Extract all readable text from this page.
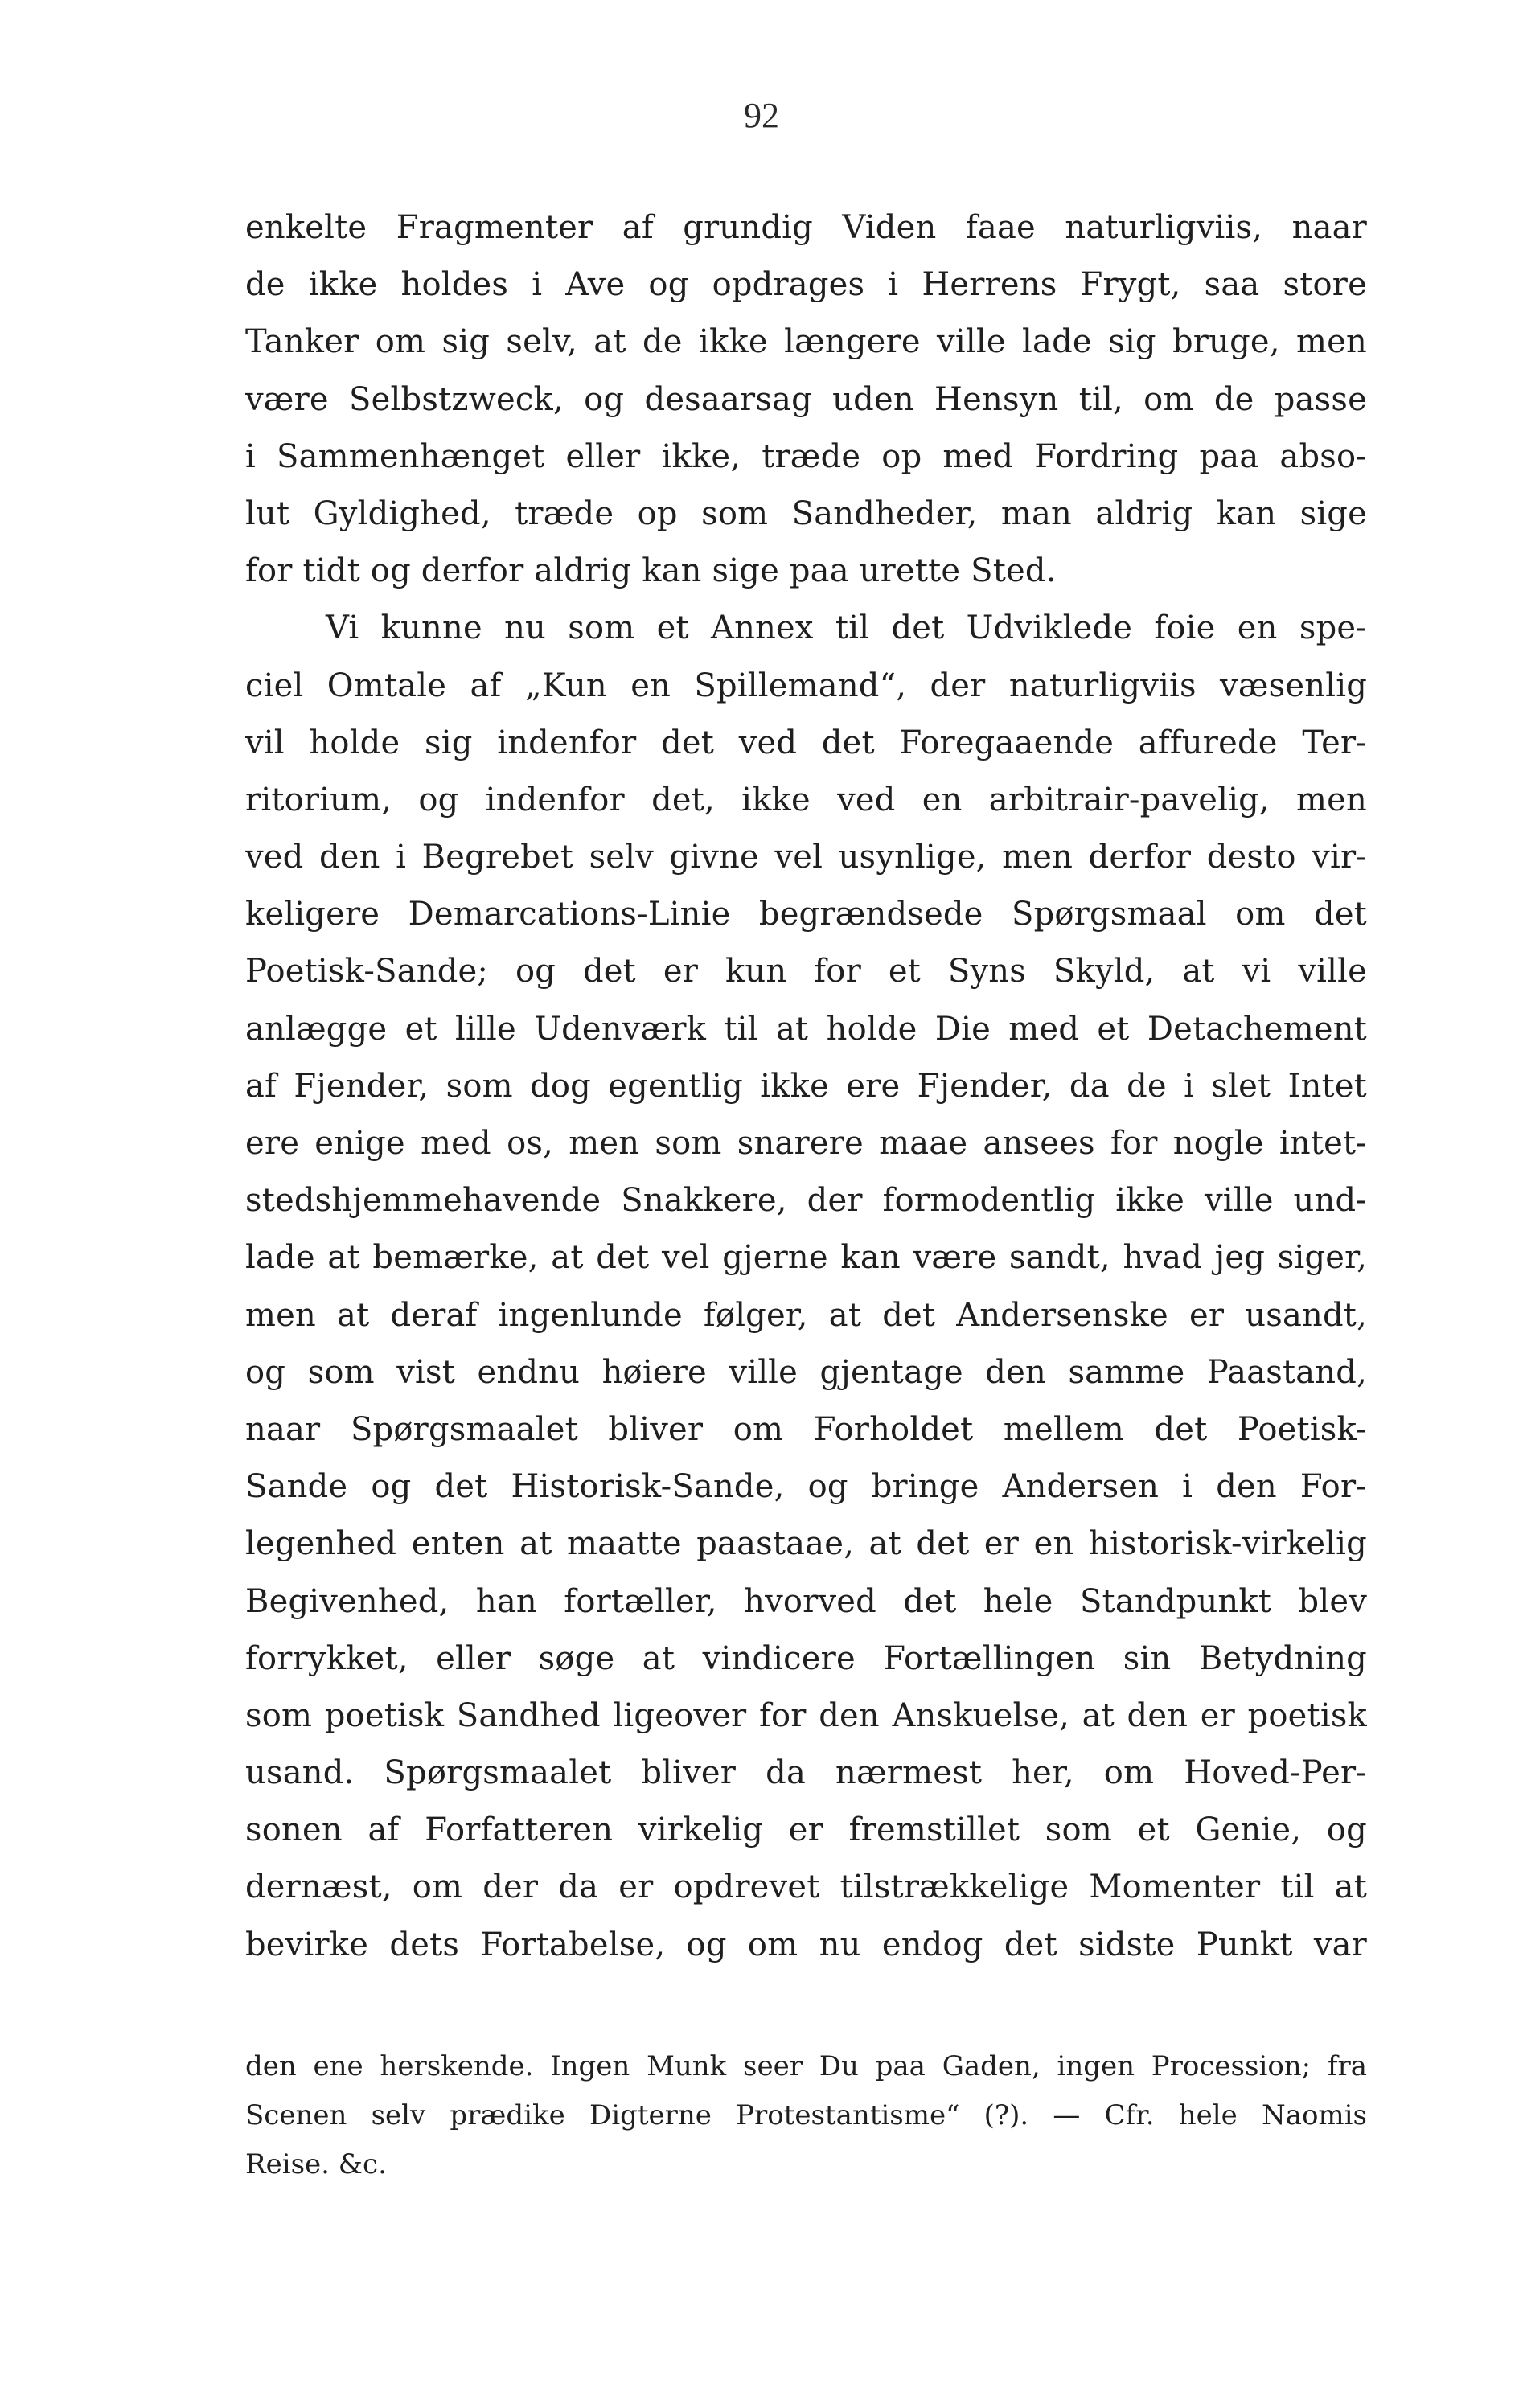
92
enkelte Fragmenter af grundig Viden faae naturligviis, naar
de ikke holdes i Ave og opdrages i Herrens Frygt, saa store
Tanker om sig selv, at de ikke længere ville lade sig bruge, men
være Selbstzweck, og desaarsag uden Hensyn til, om de passe
i Sammenhænget eller ikke, træde op med Fordring paa abso-
lut Gyldighed, træde op som Sandheder, man aldrig kan sige
for tidt og derfor aldrig kan sige paa urette Sted.
Vi kunne nu som et Annex til det Udviklede foie en spe-
ciel Omtale af „Kun en Spillemand“, der naturligviis væsenlig
vil holde sig indenfor det ved det Foregaaende affurede Ter-
ritorium, og indenfor det, ikke ved en arbitrair-pavelig, men
ved den i Begrebet selv givne vel usynlige, men derfor desto vir-
keligere Demarcations-Linie begrændsede Spørgsmaal om det
Poetisk-Sande; og det er kun for et Syns Skyld, at vi ville
anlægge et lille Udenværk til at holde Die med et Detachement
af Fjender, som dog egentlig ikke ere Fjender, da de i slet Intet
ere enige med os, men som snarere maae ansees for nogle intet-
stedshjemmehavende Snakkere, der formodentlig ikke ville und-
lade at bemærke, at det vel gjerne kan være sandt, hvad jeg siger,
men at deraf ingenlunde følger, at det Andersenske er usandt,
og som vist endnu høiere ville gjentage den samme Paastand,
naar Spørgsmaalet bliver om Forholdet mellem det Poetisk-
Sande og det Historisk-Sande, og bringe Andersen i den For-
legenhed enten at maatte paastaae, at det er en historisk-virkelig
Begivenhed, han fortæller, hvorved det hele Standpunkt blev
forrykket, eller søge at vindicere Fortællingen sin Betydning
som poetisk Sandhed ligeover for den Anskuelse, at den er poetisk
usand. Spørgsmaalet bliver da nærmest her, om Hoved-Per-
sonen af Forfatteren virkelig er fremstillet som et Genie, og
dernæst, om der da er opdrevet tilstrækkelige Momenter til at
bevirke dets Fortabelse, og om nu endog det sidste Punkt var
den ene herskende. Ingen Munk seer Du paa Gaden, ingen Procession; fra
Scenen selv prædike Digterne Protestantisme“ (?). — Cfr. hele Naomis
Reise. &c.
